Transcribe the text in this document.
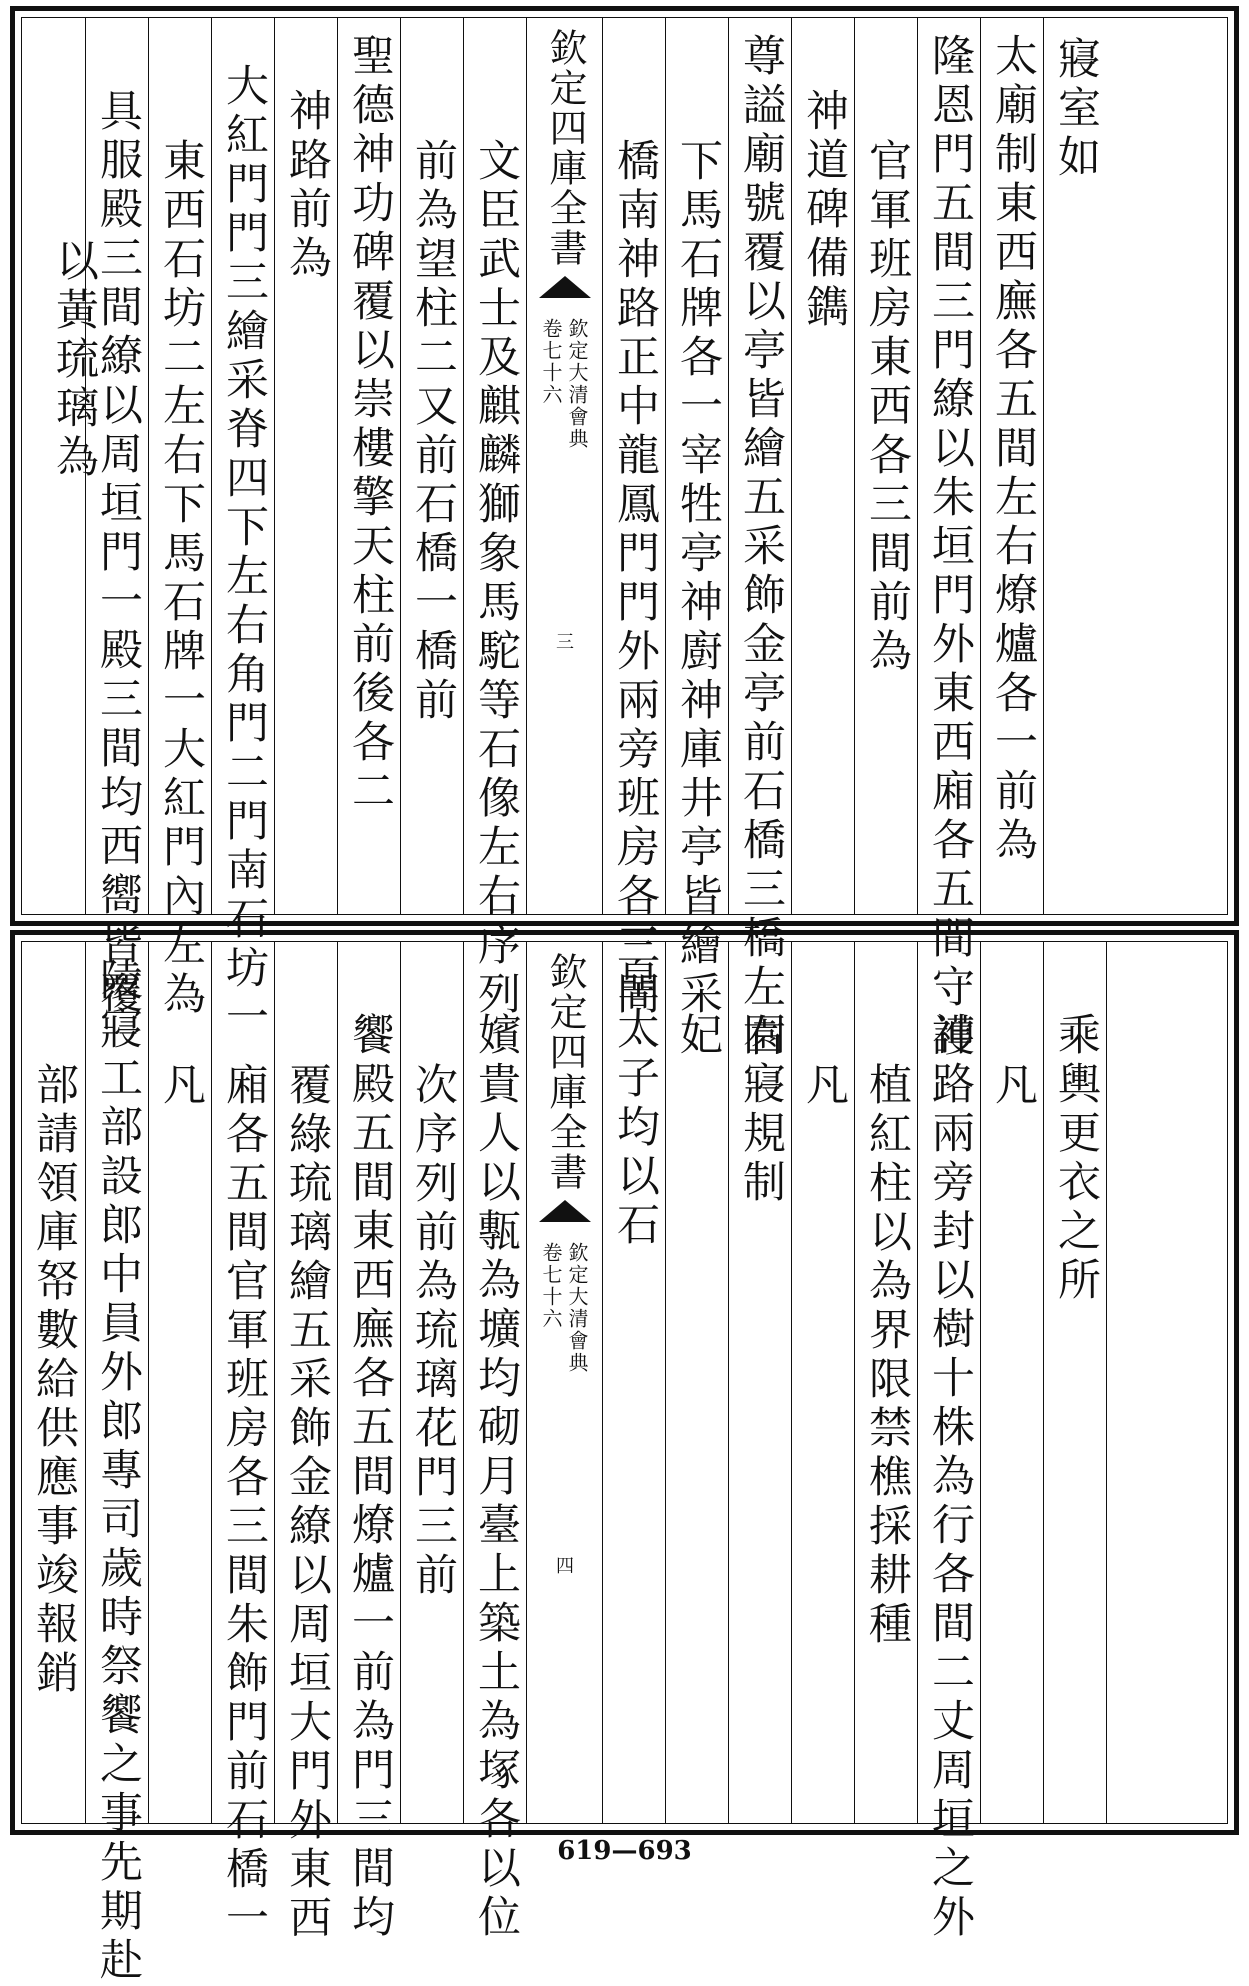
以黃琉璃為
具服殿三間繚以周垣門一殿三間均西嚮皆覆 東西石坊二左右下馬石牌一大紅門內左為 大紅門門三繪采脊四下左右角門二門南石坊一 神路前為 聖德神功碑覆以崇樓擎天柱前後各二 前為望柱二又前石橋一橋前 文臣武士及麒麟獅象馬駝等石像左右序列 欽定四庫全書
欽定大清會典
卷七十六
三 橋南神路正中龍鳳門門外兩旁班房各三間 下馬石牌各一宰牲亭神廚神庫井亭皆繪采 尊謚廟號覆以亭皆繪五采飾金亭前石橋三橋左右 神道碑備鐫 官軍班房東西各三間前為 隆恩門五間三門繚以朱垣門外東西廂各五間守護 太廟制東西廡各五間左右燎爐各一前為 寢室如
部請領庫帑數給供應事竣報銷 陵寢工部設郎中員外郎專司歲時祭饗之事先期赴 凡 廂各五間官軍班房各三間朱飾門前石橋一 覆綠琉璃繪五采飾金繚以周垣大門外東西 饗殿五間東西廡各五間燎爐一前為門三間均 次序列前為琉璃花門三前 嬪貴人以甎為壙均砌月臺上築土為塚各以位 欽定四庫全書
欽定大清會典
卷七十六
四
皇太子均以石 妃 園寢規制 凡 植紅柱以為界限禁樵採耕種 神路兩旁封以樹十株為行各間二丈周垣之外 凡 乘輿更衣之所
619—693
